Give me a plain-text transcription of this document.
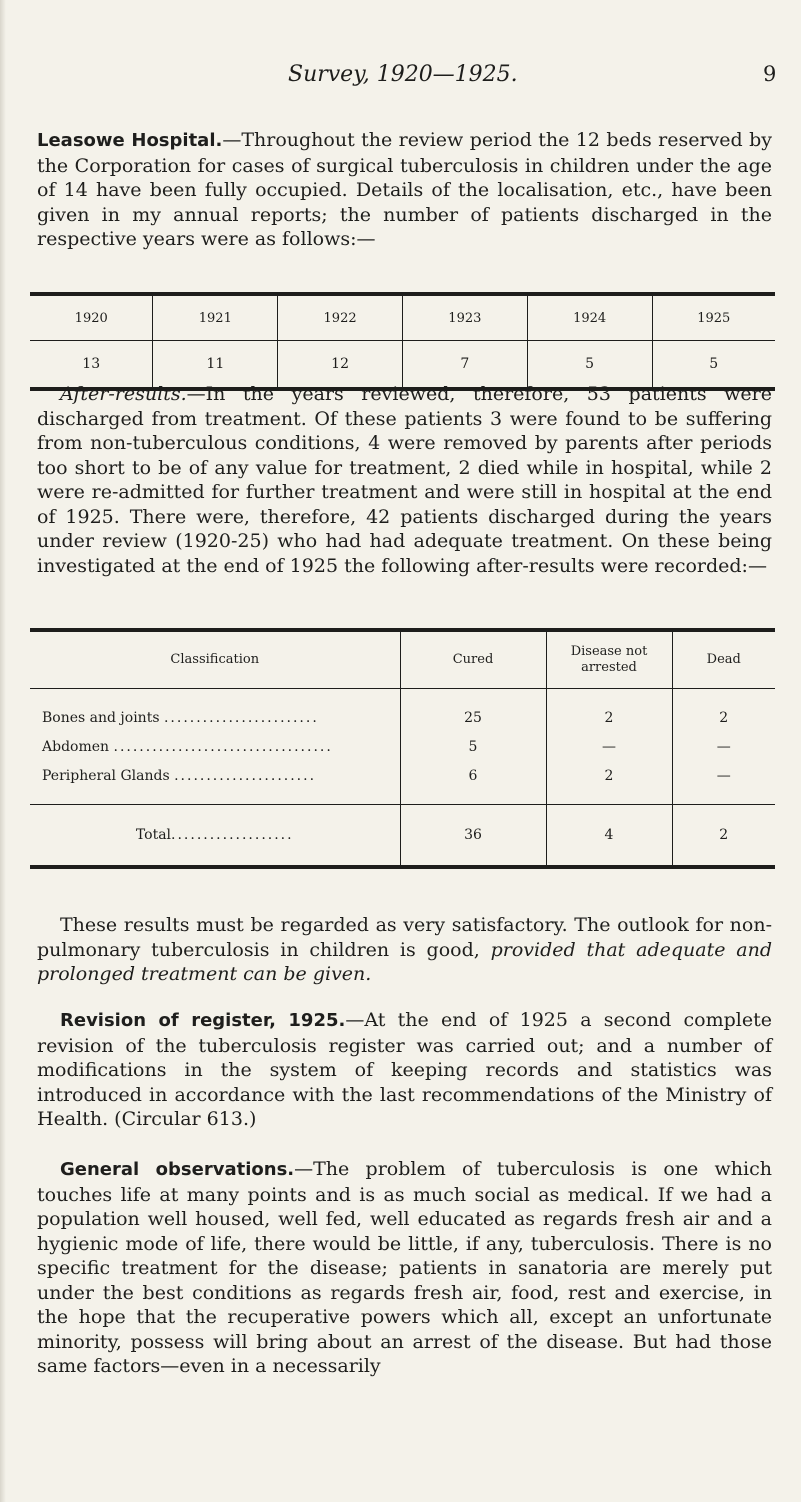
Survey, 1920—1925.	9

Leasowe Hospital.—Throughout the review period the 12 beds reserved by the Corporation for cases of surgical tuberculosis in children under the age of 14 have been fully occupied. Details of the localisation, etc., have been given in my annual reports; the number of patients discharged in the respective years were as follows:—

1920	1921	1922	1923	1924	1925
13	11	12	7	5	5

After-results.—In the years reviewed, therefore, 53 patients were discharged from treatment. Of these patients 3 were found to be suffering from non-tuberculous conditions, 4 were removed by parents after periods too short to be of any value for treatment, 2 died while in hospital, while 2 were re-admitted for further treatment and were still in hospital at the end of 1925. There were, therefore, 42 patients discharged during the years under review (1920-25) who had had adequate treatment. On these being investigated at the end of 1925 the following after-results were recorded:—

Classification	Cured	Disease not arrested	Dead
Bones and joints ........................	25	2	2
Abdomen ..................................	5	—	—
Peripheral Glands ......................	6	2	—
Total...................	36	4	2

These results must be regarded as very satisfactory. The outlook for non-pulmonary tuberculosis in children is good, provided that adequate and prolonged treatment can be given.

Revision of register, 1925.—At the end of 1925 a second complete revision of the tuberculosis register was carried out; and a number of modifications in the system of keeping records and statistics was introduced in accordance with the last recommendations of the Ministry of Health. (Circular 613.)

General observations.—The problem of tuberculosis is one which touches life at many points and is as much social as medical. If we had a population well housed, well fed, well educated as regards fresh air and a hygienic mode of life, there would be little, if any, tuberculosis. There is no specific treatment for the disease; patients in sanatoria are merely put under the best conditions as regards fresh air, food, rest and exercise, in the hope that the recuperative powers which all, except an unfortunate minority, possess will bring about an arrest of the disease. But had those same factors—even in a necessarily
